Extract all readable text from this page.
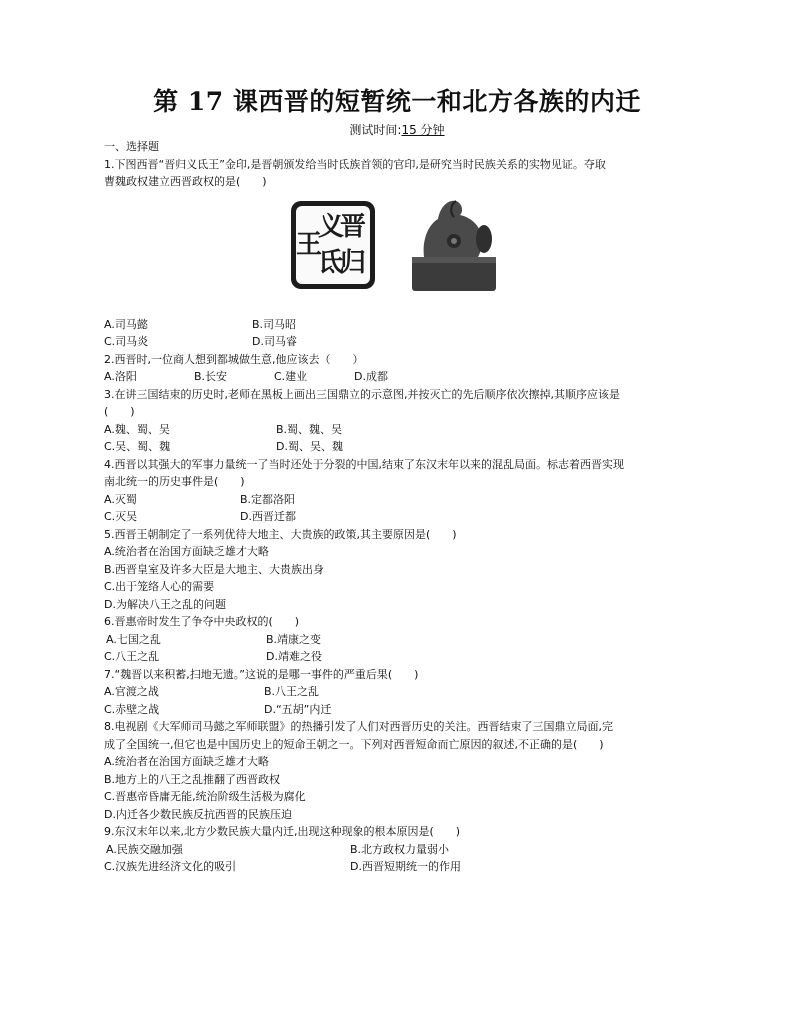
第 17 课西晋的短暂统一和北方各族的内迁
测试时间:15 分钟
一、选择题
1.下图西晋“晋归义氐王”金印,是晋朝颁发给当时氐族首领的官印,是研究当时民族关系的实物见证。夺取
曹魏政权建立西晋政权的是(　　)
晋
归
义
氐
王
A.司马懿	B.司马昭
C.司马炎	D.司马睿
2.西晋时,一位商人想到都城做生意,他应该去（　　）
A.洛阳	B.长安	C.建业	D.成都
3.在讲三国结束的历史时,老师在黑板上画出三国鼎立的示意图,并按灭亡的先后顺序依次擦掉,其顺序应该是
(　　)
A.魏、蜀、吴	B.蜀、魏、吴
C.吴、蜀、魏	D.蜀、吴、魏
4.西晋以其强大的军事力量统一了当时还处于分裂的中国,结束了东汉末年以来的混乱局面。标志着西晋实现
南北统一的历史事件是(　　)
A.灭蜀	B.定都洛阳
C.灭吴	D.西晋迁都
5.西晋王朝制定了一系列优待大地主、大贵族的政策,其主要原因是(　　)
A.统治者在治国方面缺乏雄才大略
B.西晋皇室及许多大臣是大地主、大贵族出身
C.出于笼络人心的需要
D.为解决八王之乱的问题
6.晋惠帝时发生了争夺中央政权的(　　)
A.七国之乱	B.靖康之变
C.八王之乱	D.靖难之役
7.“魏晋以来积蓄,扫地无遗。”这说的是哪一事件的严重后果(　　)
A.官渡之战	B.八王之乱
C.赤壁之战	D.“五胡”内迁
8.电视剧《大军师司马懿之军师联盟》的热播引发了人们对西晋历史的关注。西晋结束了三国鼎立局面,完
成了全国统一,但它也是中国历史上的短命王朝之一。下列对西晋短命而亡原因的叙述,不正确的是(　　)
A.统治者在治国方面缺乏雄才大略
B.地方上的八王之乱推翻了西晋政权
C.晋惠帝昏庸无能,统治阶级生活极为腐化
D.内迁各少数民族反抗西晋的民族压迫
9.东汉末年以来,北方少数民族大量内迁,出现这种现象的根本原因是(　　)
A.民族交融加强	B.北方政权力量弱小
C.汉族先进经济文化的吸引	D.西晋短期统一的作用
